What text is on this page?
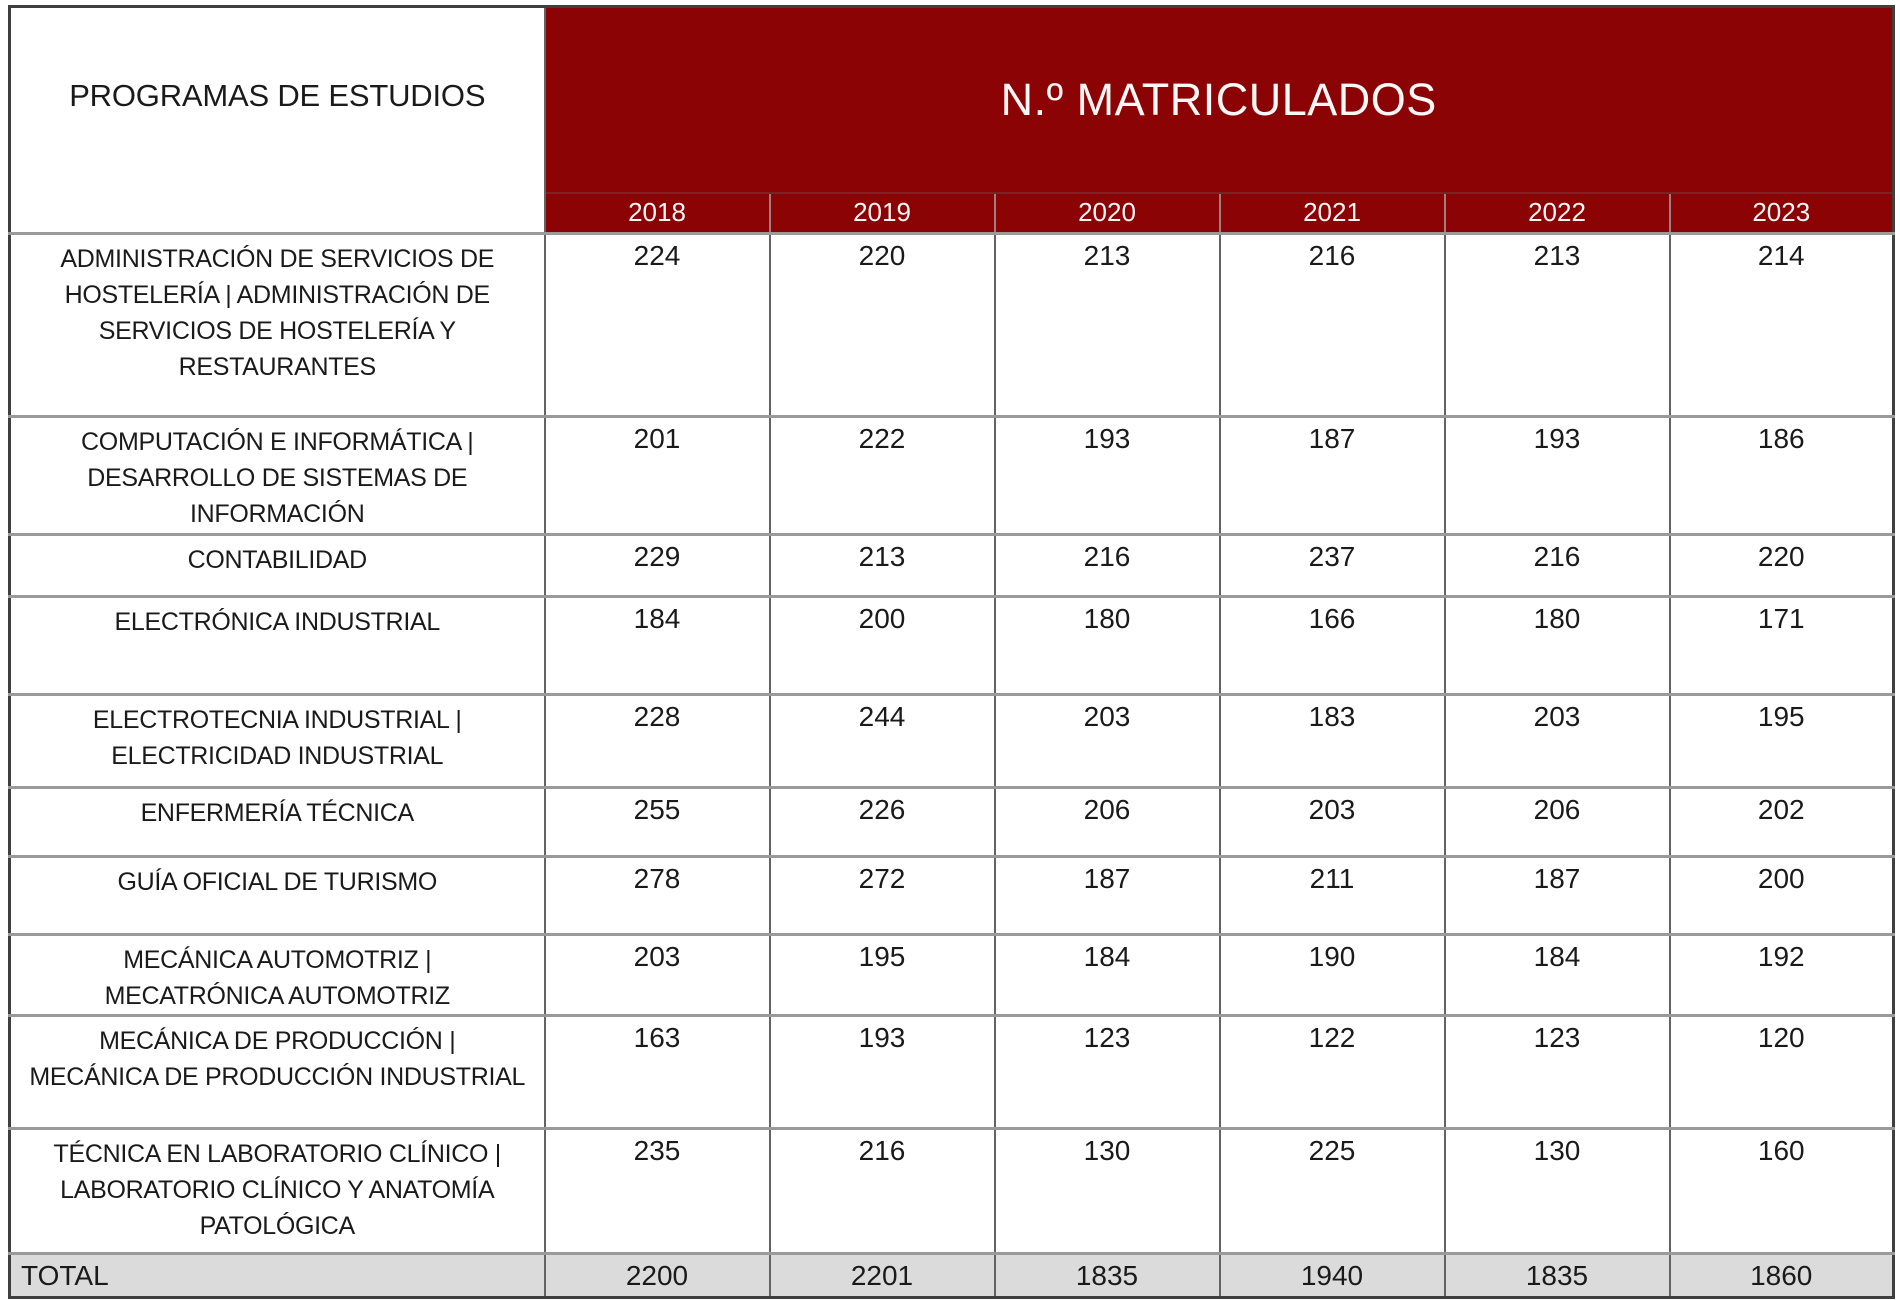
PROGRAMAS DE ESTUDIOS	N.º MATRICULADOS					
	2018	2019	2020	2021	2022	2023

ADMINISTRACIÓN DE SERVICIOS DE
HOSTELERÍA | ADMINISTRACIÓN DE
SERVICIOS DE HOSTELERÍA Y
RESTAURANTES	224	220	213	216	213	214

COMPUTACIÓN E INFORMÁTICA |
DESARROLLO DE SISTEMAS DE
INFORMACIÓN	201	222	193	187	193	186

CONTABILIDAD	229	213	216	237	216	220

ELECTRÓNICA INDUSTRIAL	184	200	180	166	180	171

ELECTROTECNIA INDUSTRIAL |
ELECTRICIDAD INDUSTRIAL	228	244	203	183	203	195

ENFERMERÍA TÉCNICA	255	226	206	203	206	202

GUÍA OFICIAL DE TURISMO	278	272	187	211	187	200

MECÁNICA AUTOMOTRIZ |
MECATRÓNICA AUTOMOTRIZ	203	195	184	190	184	192

MECÁNICA DE PRODUCCIÓN |
MECÁNICA DE PRODUCCIÓN INDUSTRIAL	163	193	123	122	123	120

TÉCNICA EN LABORATORIO CLÍNICO |
LABORATORIO CLÍNICO Y ANATOMÍA
PATOLÓGICA	235	216	130	225	130	160
TOTAL	2200	2201	1835	1940	1835	1860
